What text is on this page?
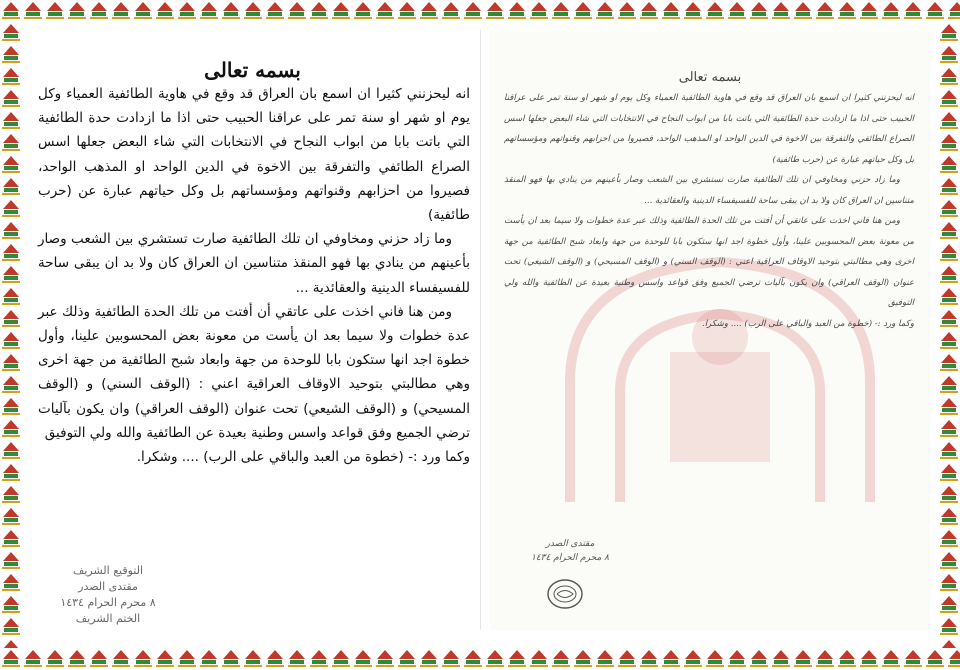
بسمه تعالى

انه ليحزنني كثيرا ان اسمع بان العراق قد وقع في هاوية الطائفية العمياء وكل يوم او شهر او سنة تمر على عراقنا الحبيب حتى اذا ما ازدادت حدة الطائفية التي باتت بابا من ابواب النجاح في الانتخابات التي شاء البعض جعلها اسس الصراع الطائفي والتفرقة بين الاخوة في الدين الواحد او المذهب الواحد، فصيروا من احزابهم وقنواتهم ومؤسساتهم بل وكل حياتهم عبارة عن (حرب طائفية)

وما زاد حزني ومخاوفي ان تلك الطائفية صارت تستشري بين الشعب وصار بأعينهم من ينادي بها فهو المنقذ متناسين ان العراق كان ولا بد ان يبقى ساحة للفسيفساء الدينية والعقائدية ...

ومن هنا فاني اخذت على عاتقي أن أفتت من تلك الحدة الطائفية وذلك عبر عدة خطوات ولا سيما بعد ان يأست من معونة بعض المحسوبين علينا، وأول خطوة اجد انها ستكون بابا للوحدة من جهة وابعاد شبح الطائفية من جهة اخرى وهي مطالبتي بتوحيد الاوقاف العراقية اعني : (الوقف السني) و (الوقف المسيحي) و (الوقف الشيعي) تحت عنوان (الوقف العراقي) وان يكون بآليات ترضي الجميع وفق قواعد واسس وطنية بعيدة عن الطائفية والله ولي التوفيق

وكما ورد :- (خطوة من العبد والباقي على الرب) .... وشكرا.

التوقيع الشريف
مقتدى الصدر
٨ محرم الحرام ١٤٣٤
الختم الشريف
بسمه تعالى

انه ليحزنني كثيرا ان اسمع بان العراق قد وقع في هاوية الطائفية العمياء وكل يوم او شهر او سنة تمر على عراقنا الحبيب حتى اذا ما ازدادت حدة الطائفية التي باتت بابا من ابواب النجاح في الانتخابات التي شاء البعض جعلها اسس الصراع الطائفي والتفرقة بين الاخوة في الدين الواحد او المذهب الواحد، فصيروا من احزابهم وقنواتهم ومؤسساتهم بل وكل حياتهم عبارة عن (حرب طائفية)

وما زاد حزني ومخاوفي ان تلك الطائفية صارت تستشري بين الشعب وصار بأعينهم من ينادي بها فهو المنقذ متناسين ان العراق كان ولا بد ان يبقى ساحة للفسيفساء الدينية والعقائدية ...

ومن هنا فاني اخذت على عاتقي أن أفتت من تلك الحدة الطائفية وذلك عبر عدة خطوات ولا سيما بعد ان يأست من معونة بعض المحسوبين علينا، وأول خطوة اجد انها ستكون بابا للوحدة من جهة وابعاد شبح الطائفية من جهة اخرى وهي مطالبتي بتوحيد الاوقاف العراقية اعني : (الوقف السني) و (الوقف المسيحي) و (الوقف الشيعي) تحت عنوان (الوقف العراقي) وان يكون بآليات ترضي الجميع وفق قواعد واسس وطنية بعيدة عن الطائفية والله ولي التوفيق

وكما ورد :- (خطوة من العبد والباقي على الرب) .... وشكرا.

مقتدى الصدر
٨ محرم الحرام ١٤٣٤
